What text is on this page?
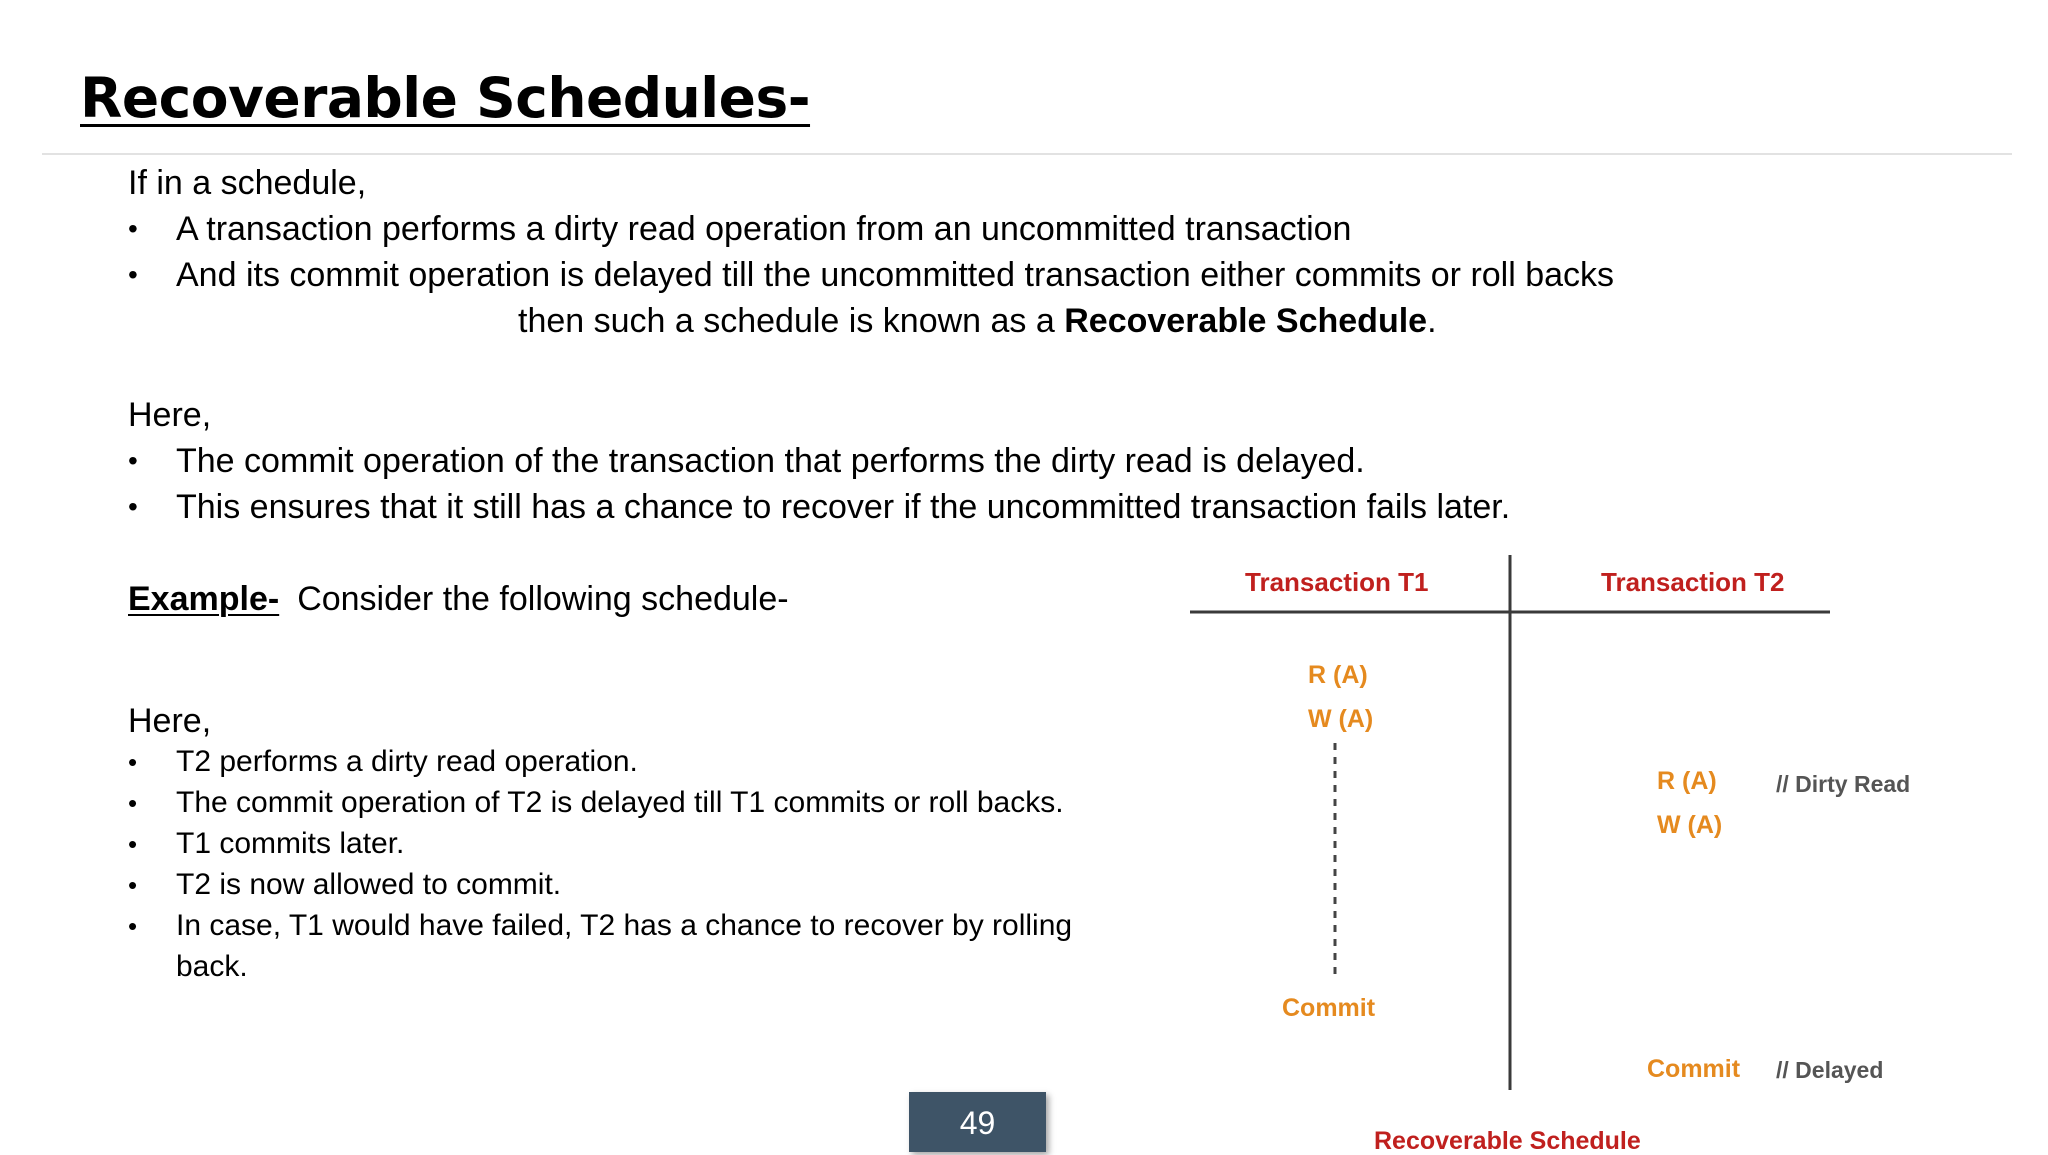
Recoverable Schedules-
If in a schedule,
• A transaction performs a dirty read operation from an uncommitted transaction
• And its commit operation is delayed till the uncommitted transaction either commits or roll backs
then such a schedule is known as a Recoverable Schedule.
Here,
• The commit operation of the transaction that performs the dirty read is delayed.
• This ensures that it still has a chance to recover if the uncommitted transaction fails later.
Example- Consider the following schedule-
Here,
• T2 performs a dirty read operation.
• The commit operation of T2 is delayed till T1 commits or roll backs.
• T1 commits later.
• T2 is now allowed to commit.
• In case, T1 would have failed, T2 has a chance to recover by rolling
back.
Transaction T1	Transaction T2
R (A)
W (A)
R (A)	// Dirty Read
W (A)
Commit
Commit // Delayed
Recoverable Schedule
49
